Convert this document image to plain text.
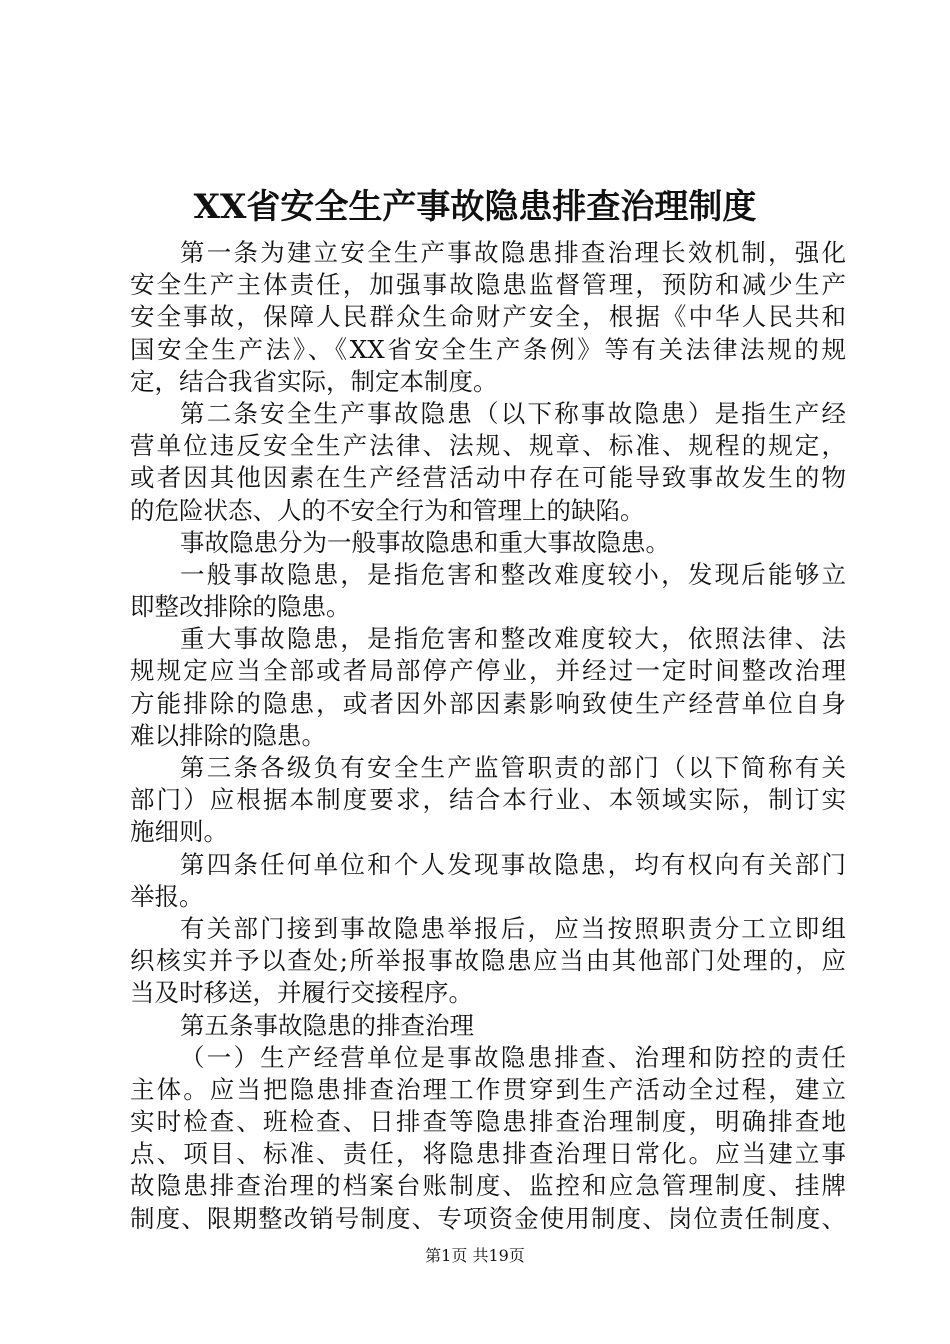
XX省安全生产事故隐患排查治理制度
第一条为建立安全生产事故隐患排查治理长效机制，强化
安全生产主体责任，加强事故隐患监督管理，预防和减少生产
安全事故，保障人民群众生命财产安全，根据《中华人民共和
国安全生产法》、《XX省安全生产条例》等有关法律法规的规
定，结合我省实际，制定本制度。
第二条安全生产事故隐患（以下称事故隐患）是指生产经
营单位违反安全生产法律、法规、规章、标准、规程的规定，
或者因其他因素在生产经营活动中存在可能导致事故发生的物
的危险状态、人的不安全行为和管理上的缺陷。
事故隐患分为一般事故隐患和重大事故隐患。
一般事故隐患，是指危害和整改难度较小，发现后能够立
即整改排除的隐患。
重大事故隐患，是指危害和整改难度较大，依照法律、法
规规定应当全部或者局部停产停业，并经过一定时间整改治理
方能排除的隐患，或者因外部因素影响致使生产经营单位自身
难以排除的隐患。
第三条各级负有安全生产监管职责的部门（以下简称有关
部门）应根据本制度要求，结合本行业、本领域实际，制订实
施细则。
第四条任何单位和个人发现事故隐患，均有权向有关部门
举报。
有关部门接到事故隐患举报后，应当按照职责分工立即组
织核实并予以查处;所举报事故隐患应当由其他部门处理的，应
当及时移送，并履行交接程序。
第五条事故隐患的排查治理
（一）生产经营单位是事故隐患排查、治理和防控的责任
主体。应当把隐患排查治理工作贯穿到生产活动全过程，建立
实时检查、班检查、日排查等隐患排查治理制度，明确排查地
点、项目、标准、责任，将隐患排查治理日常化。应当建立事
故隐患排查治理的档案台账制度、监控和应急管理制度、挂牌
制度、限期整改销号制度、专项资金使用制度、岗位责任制度、
第1页 共19页
